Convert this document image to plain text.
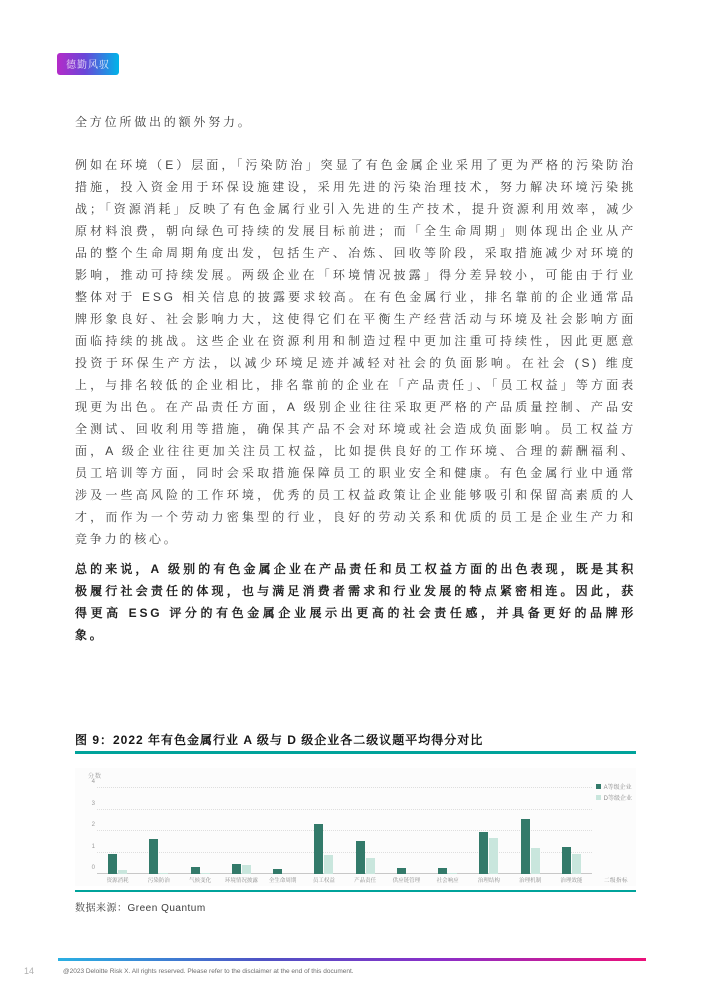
德勤风驭

全方位所做出的额外努力。

例如在环境（E）层面，「污染防治」突显了有色金属企业采用了更为严格的污染防治措施，投入资金用于环保设施建设，采用先进的污染治理技术，努力解决环境污染挑战；「资源消耗」反映了有色金属行业引入先进的生产技术，提升资源利用效率，减少原材料浪费，朝向绿色可持续的发展目标前进；而「全生命周期」则体现出企业从产品的整个生命周期角度出发，包括生产、冶炼、回收等阶段，采取措施减少对环境的影响，推动可持续发展。两级企业在「环境情况披露」得分差异较小，可能由于行业整体对于 ESG 相关信息的披露要求较高。在有色金属行业，排名靠前的企业通常品牌形象良好、社会影响力大，这使得它们在平衡生产经营活动与环境及社会影响方面面临持续的挑战。这些企业在资源利用和制造过程中更加注重可持续性，因此更愿意投资于环保生产方法，以减少环境足迹并减轻对社会的负面影响。在社会 (S) 维度上，与排名较低的企业相比，排名靠前的企业在「产品责任」、「员工权益」等方面表现更为出色。在产品责任方面，A 级别企业往往采取更严格的产品质量控制、产品安全测试、回收利用等措施，确保其产品不会对环境或社会造成负面影响。员工权益方面，A 级企业往往更加关注员工权益，比如提供良好的工作环境、合理的薪酬福利、员工培训等方面，同时会采取措施保障员工的职业安全和健康。有色金属行业中通常涉及一些高风险的工作环境，优秀的员工权益政策让企业能够吸引和保留高素质的人才，而作为一个劳动力密集型的行业，良好的劳动关系和优质的员工是企业生产力和竞争力的核心。

总的来说，A 级别的有色金属企业在产品责任和员工权益方面的出色表现，既是其积极履行社会责任的体现，也与满足消费者需求和行业发展的特点紧密相连。因此，获得更高 ESG 评分的有色金属企业展示出更高的社会责任感，并具备更好的品牌形象。

图 9：2022 年有色金属行业 A 级与 D 级企业各二级议题平均得分对比
分数
0
1
2
3
4
资源消耗	污染防治	气候变化	环境情况披露	全生命周期	员工权益	产品责任	供应链管理	社会响应	治理结构	治理机制	治理效能	二级指标
A等级企业
D等级企业
数据来源：Green Quantum
14	@2023 Deloitte Risk X. All rights reserved. Please refer to the disclaimer at the end of this document.
